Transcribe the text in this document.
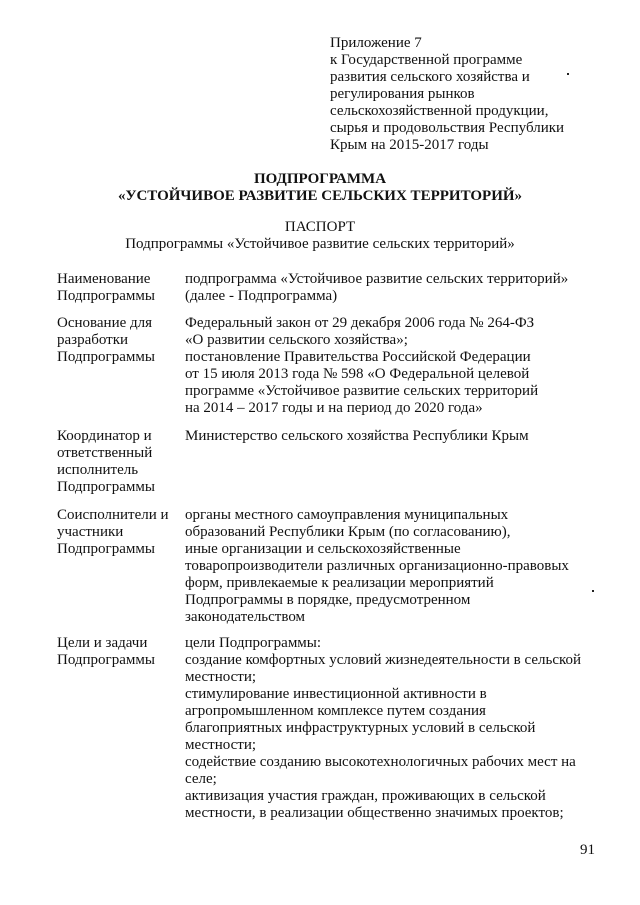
Приложение 7
к Государственной программе
развития сельского хозяйства и
регулирования рынков
сельскохозяйственной продукции,
сырья и продовольствия Республики
Крым на 2015-2017 годы
ПОДПРОГРАММА
«УСТОЙЧИВОЕ РАЗВИТИЕ СЕЛЬСКИХ ТЕРРИТОРИЙ»
ПАСПОРТ
Подпрограммы «Устойчивое развитие сельских территорий»
Наименование
Подпрограммы
подпрограмма «Устойчивое развитие сельских территорий»
(далее - Подпрограмма)
Основание для
разработки
Подпрограммы
Федеральный закон от 29 декабря 2006 года № 264-ФЗ
«О развитии сельского хозяйства»;
постановление Правительства Российской Федерации
от 15 июля 2013 года № 598 «О Федеральной целевой
программе «Устойчивое развитие сельских территорий
на 2014 – 2017 годы и на период до 2020 года»
Координатор и
ответственный
исполнитель
Подпрограммы
Министерство сельского хозяйства Республики Крым
Соисполнители и
участники
Подпрограммы
органы местного самоуправления муниципальных
образований Республики Крым (по согласованию),
иные организации и сельскохозяйственные
товаропроизводители различных организационно-правовых
форм, привлекаемые к реализации мероприятий
Подпрограммы в порядке, предусмотренном
законодательством
Цели и задачи
Подпрограммы
цели Подпрограммы:
создание комфортных условий жизнедеятельности в сельской
местности;
стимулирование инвестиционной активности в
агропромышленном комплексе путем создания
благоприятных инфраструктурных условий в сельской
местности;
содействие созданию высокотехнологичных рабочих мест на
селе;
активизация участия граждан, проживающих в сельской
местности, в реализации общественно значимых проектов;
91
